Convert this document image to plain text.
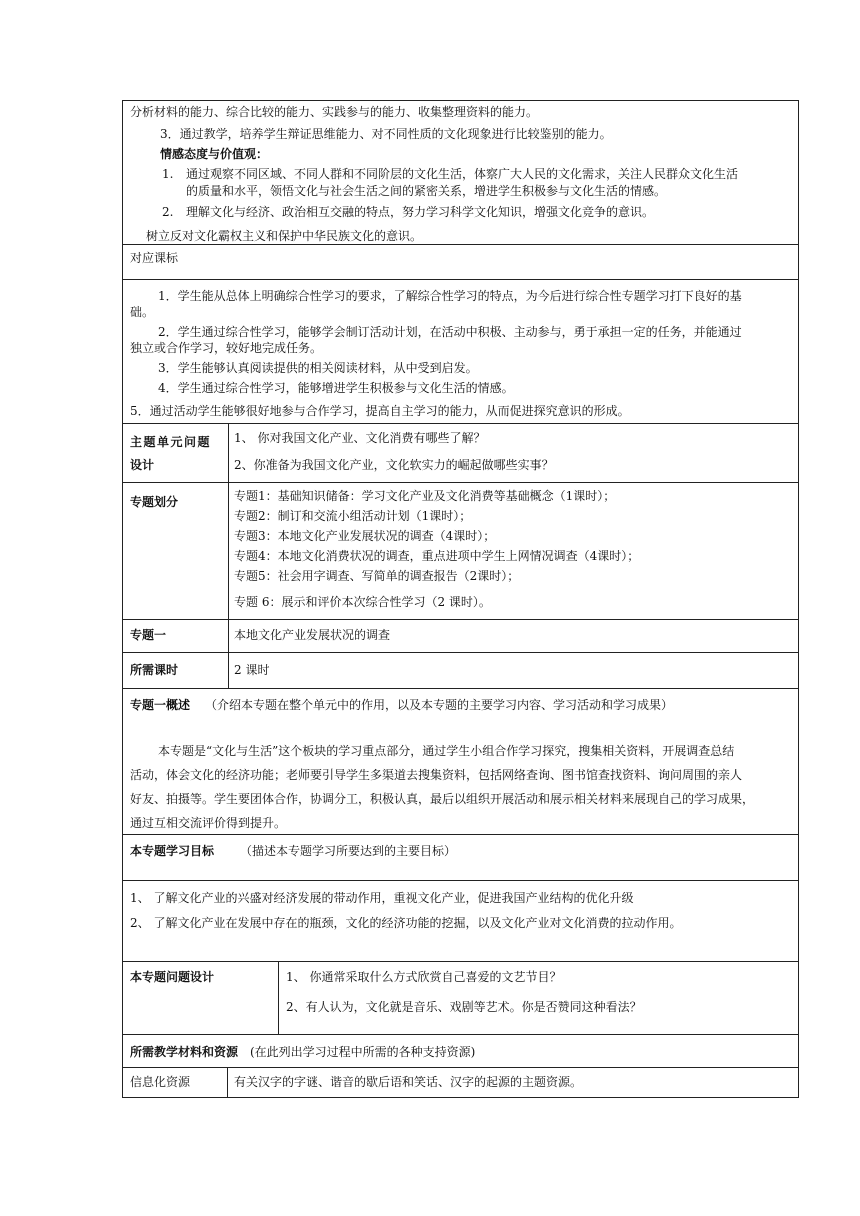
分析材料的能力、综合比较的能力、实践参与的能力、收集整理资料的能力。
3．通过教学，培养学生辩证思维能力、对不同性质的文化现象进行比较鉴别的能力。
情感态度与价值观：
1. 通过观察不同区域、不同人群和不同阶层的文化生活，体察广大人民的文化需求，关注人民群众文化生活
的质量和水平，领悟文化与社会生活之间的紧密关系，增进学生积极参与文化生活的情感。
2. 理解文化与经济、政治相互交融的特点，努力学习科学文化知识，增强文化竞争的意识。
树立反对文化霸权主义和保护中华民族文化的意识。
对应课标
1．学生能从总体上明确综合性学习的要求，了解综合性学习的特点，为今后进行综合性专题学习打下良好的基
础。
2．学生通过综合性学习，能够学会制订活动计划，在活动中积极、主动参与，勇于承担一定的任务，并能通过
独立或合作学习，较好地完成任务。
3．学生能够认真阅读提供的相关阅读材料，从中受到启发。
4．学生通过综合性学习，能够增进学生积极参与文化生活的情感。
5．通过活动学生能够很好地参与合作学习，提高自主学习的能力，从而促进探究意识的形成。
主题单元问题
设计
1、 你对我国文化产业、文化消费有哪些了解？
2、你准备为我国文化产业，文化软实力的崛起做哪些实事？
专题划分	专题1：基础知识储备：学习文化产业及文化消费等基础概念（1课时）；
专题2：制订和交流小组活动计划（1课时）；
专题3：本地文化产业发展状况的调查（4课时）；
专题4：本地文化消费状况的调查，重点进项中学生上网情况调查（4课时）；
专题5：社会用字调查、写简单的调查报告（2课时）；
专题 6：展示和评价本次综合性学习（2 课时）。
专题一	本地文化产业发展状况的调查
所需课时	2 课时
专题一概述 （介绍本专题在整个单元中的作用，以及本专题的主要学习内容、学习活动和学习成果）
本专题是“文化与生活”这个板块的学习重点部分，通过学生小组合作学习探究，搜集相关资料，开展调查总结
活动，体会文化的经济功能；老师要引导学生多渠道去搜集资料，包括网络查询、图书馆查找资料、询问周围的亲人
好友、拍摄等。学生要团体合作，协调分工，积极认真，最后以组织开展活动和展示相关材料来展现自己的学习成果，
通过互相交流评价得到提升。
本专题学习目标 （描述本专题学习所要达到的主要目标）
1、 了解文化产业的兴盛对经济发展的带动作用，重视文化产业，促进我国产业结构的优化升级
2、 了解文化产业在发展中存在的瓶颈，文化的经济功能的挖掘，以及文化产业对文化消费的拉动作用。
本专题问题设计	1、 你通常采取什么方式欣赏自己喜爱的文艺节目？
2、有人认为，文化就是音乐、戏剧等艺术。你是否赞同这种看法？
所需教学材料和资源 (在此列出学习过程中所需的各种支持资源)
信息化资源	有关汉字的字谜、谐音的歇后语和笑话、汉字的起源的主题资源。
